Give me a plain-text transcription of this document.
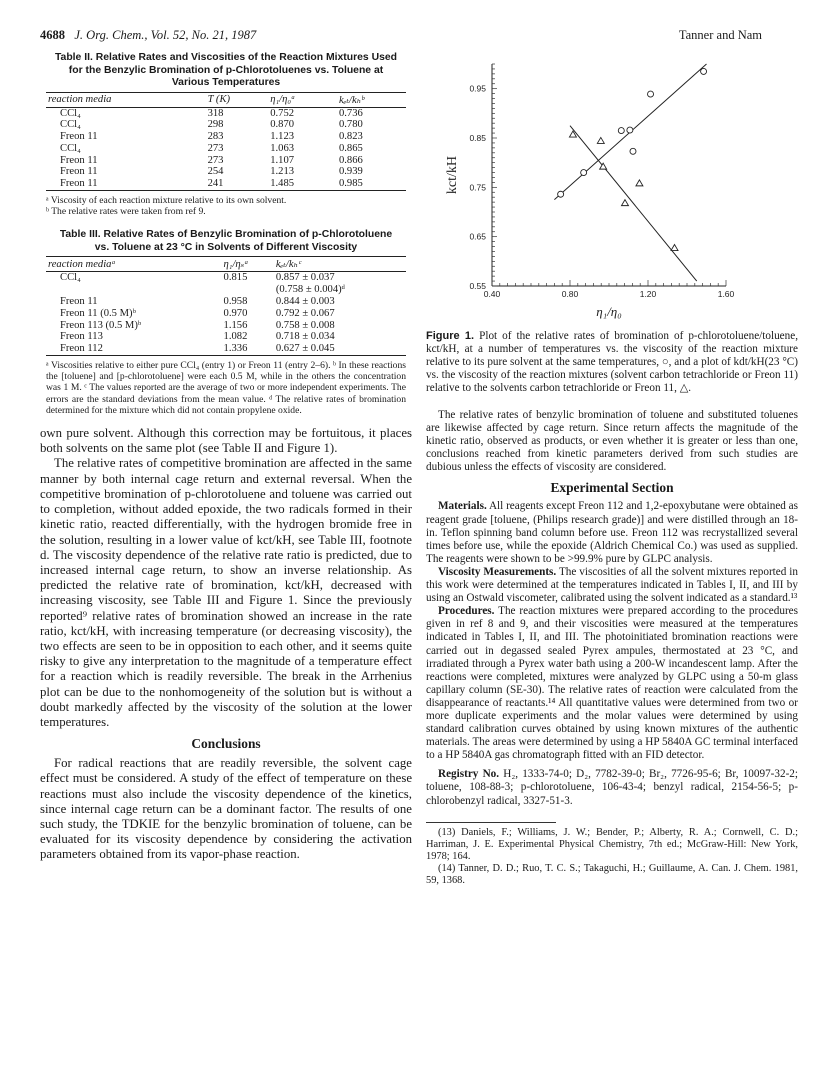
4688 J. Org. Chem., Vol. 52, No. 21, 1987	Tanner and Nam
Table II. Relative Rates and Viscosities of the Reaction Mixtures Used for the Benzylic Bromination of p-Chlorotoluenes vs. Toluene at Various Temperatures
reaction media	T (K)	η₁/η₀ᵃ	kₑₜ/kₕᵇ
CCl₄	318	0.752	0.736
CCl₄	298	0.870	0.780
Freon 11	283	1.123	0.823
CCl₄	273	1.063	0.865
Freon 11	273	1.107	0.866
Freon 11	254	1.213	0.939
Freon 11	241	1.485	0.985
ᵃ Viscosity of each reaction mixture relative to its own solvent.
ᵇ The relative rates were taken from ref 9.
Table III. Relative Rates of Benzylic Bromination of p-Chlorotoluene vs. Toluene at 23 °C in Solvents of Different Viscosity
reaction mediaᵃ	η₁/ηₛᵃ	kₑₜ/kₕᶜ
CCl₄	0.815	0.857 ± 0.037
		(0.758 ± 0.004)ᵈ
Freon 11	0.958	0.844 ± 0.003
Freon 11 (0.5 M)ᵇ	0.970	0.792 ± 0.067
Freon 113 (0.5 M)ᵇ	1.156	0.758 ± 0.008
Freon 113	1.082	0.718 ± 0.034
Freon 112	1.336	0.627 ± 0.045
ᵃ Viscosities relative to either pure CCl₄ (entry 1) or Freon 11 (entry 2–6). ᵇ In these reactions the [toluene] and [p-chlorotoluene] were each 0.5 M, while in the others the concentration was 1 M. ᶜ The values reported are the average of two or more independent experiments. The errors are the standard deviations from the mean value. ᵈ The relative rates of bromination determined for the mixture which did not contain propylene oxide.

own pure solvent. Although this correction may be fortuitous, it places both solvents on the same plot (see Table II and Figure 1).

The relative rates of competitive bromination are affected in the same manner by both internal cage return and external reversal. When the competitive bromination of p-chlorotoluene and toluene was carried out to completion, without added epoxide, the two radicals formed in their kinetic ratio, reacted differentially, with the hydrogen bromide free in the solution, resulting in a lower value of kct/kH, see Table III, footnote d. The viscosity dependence of the relative rate ratio is predicted, due to increased internal cage return, to show an inverse relationship. As predicted the relative rate of bromination, kct/kH, decreased with increasing viscosity, see Table III and Figure 1. Since the previously reported⁹ relative rates of bromination showed an increase in the rate ratio, kct/kH, with increasing temperature (or decreasing viscosity), the two effects are seen to be in opposition to each other, and it seems quite risky to give any interpretation to the magnitude of a temperature effect for a reaction which is readily reversible. The break in the Arrhenius plot can be due to the nonhomogeneity of the solution but is without a doubt markedly affected by the viscosity of the solution at the lower temperatures.

Conclusions

For radical reactions that are readily reversible, the solvent cage effect must be considered. A study of the effect of temperature on these reactions must also include the viscosity dependence of the kinetics, since internal cage return can be a dominant factor. The results of one such study, the TDKIE for the benzylic bromination of toluene, can be evaluated for its viscosity dependence by considering the activation parameters obtained from its vapor-phase reaction.

0.55
0.65
0.75
0.85
0.95
0.40	0.80	1.20	1.60
η₁/η₀
kct/kH
Figure 1. Plot of the relative rates of bromination of p-chlorotoluene/toluene, kct/kH, at a number of temperatures vs. the viscosity of the reaction mixture relative to its pure solvent at the same temperatures, ○, and a plot of kdt/kH(23 °C) vs. the viscosity of the reaction mixtures (solvent carbon tetrachloride or Freon 11) relative to the solvents carbon tetrachloride or Freon 11, △.

The relative rates of benzylic bromination of toluene and substituted toluenes are likewise affected by cage return. Since return affects the magnitude of the kinetic ratio, observed as products, or even whether it is greater or less than one, conclusions reached from kinetic parameters derived from such studies are dubious unless the effects of viscosity are considered.

Experimental Section

Materials. All reagents except Freon 112 and 1,2-epoxybutane were obtained as reagent grade [toluene, (Philips research grade)] and were distilled through an 18-in. Teflon spinning band column before use. Freon 112 was recrystallized several times before use, while the epoxide (Aldrich Chemical Co.) was used as supplied. The reagents were shown to be >99.9% pure by GLPC analysis.

Viscosity Measurements. The viscosities of all the solvent mixtures reported in this work were determined at the temperatures indicated in Tables I, II, and III by using an Ostwald viscometer, calibrated using the solvent indicated as a standard.¹³

Procedures. The reaction mixtures were prepared according to the procedures given in ref 8 and 9, and their viscosities were measured at the temperatures indicated in Tables I, II, and III. The photoinitiated bromination reactions were carried out in degassed sealed Pyrex ampules, thermostated at 23 °C, and irradiated through a Pyrex water bath using a 200-W incandescent lamp. After the reactions were completed, mixtures were analyzed by GLPC using a 50-m glass capillary column (SE-30). The relative rates of reaction were calculated from the disappearance of reactants.¹⁴ All quantitative values were determined from two or more duplicate experiments and the molar values were determined by using standard calibration curves obtained by using known mixtures of the authentic materials. The areas were determined by using a HP 5840A GC terminal interfaced to a HP 5840A gas chromatograph fitted with an FID detector.

Registry No. H₂, 1333-74-0; D₂, 7782-39-0; Br₂, 7726-95-6; Br, 10097-32-2; toluene, 108-88-3; p-chlorotoluene, 106-43-4; benzyl radical, 2154-56-5; p-chlorobenzyl radical, 3327-51-3.

(13) Daniels, F.; Williams, J. W.; Bender, P.; Alberty, R. A.; Cornwell, C. D.; Harriman, J. E. Experimental Physical Chemistry, 7th ed.; McGraw-Hill: New York, 1978; 164.

(14) Tanner, D. D.; Ruo, T. C. S.; Takaguchi, H.; Guillaume, A. Can. J. Chem. 1981, 59, 1368.
